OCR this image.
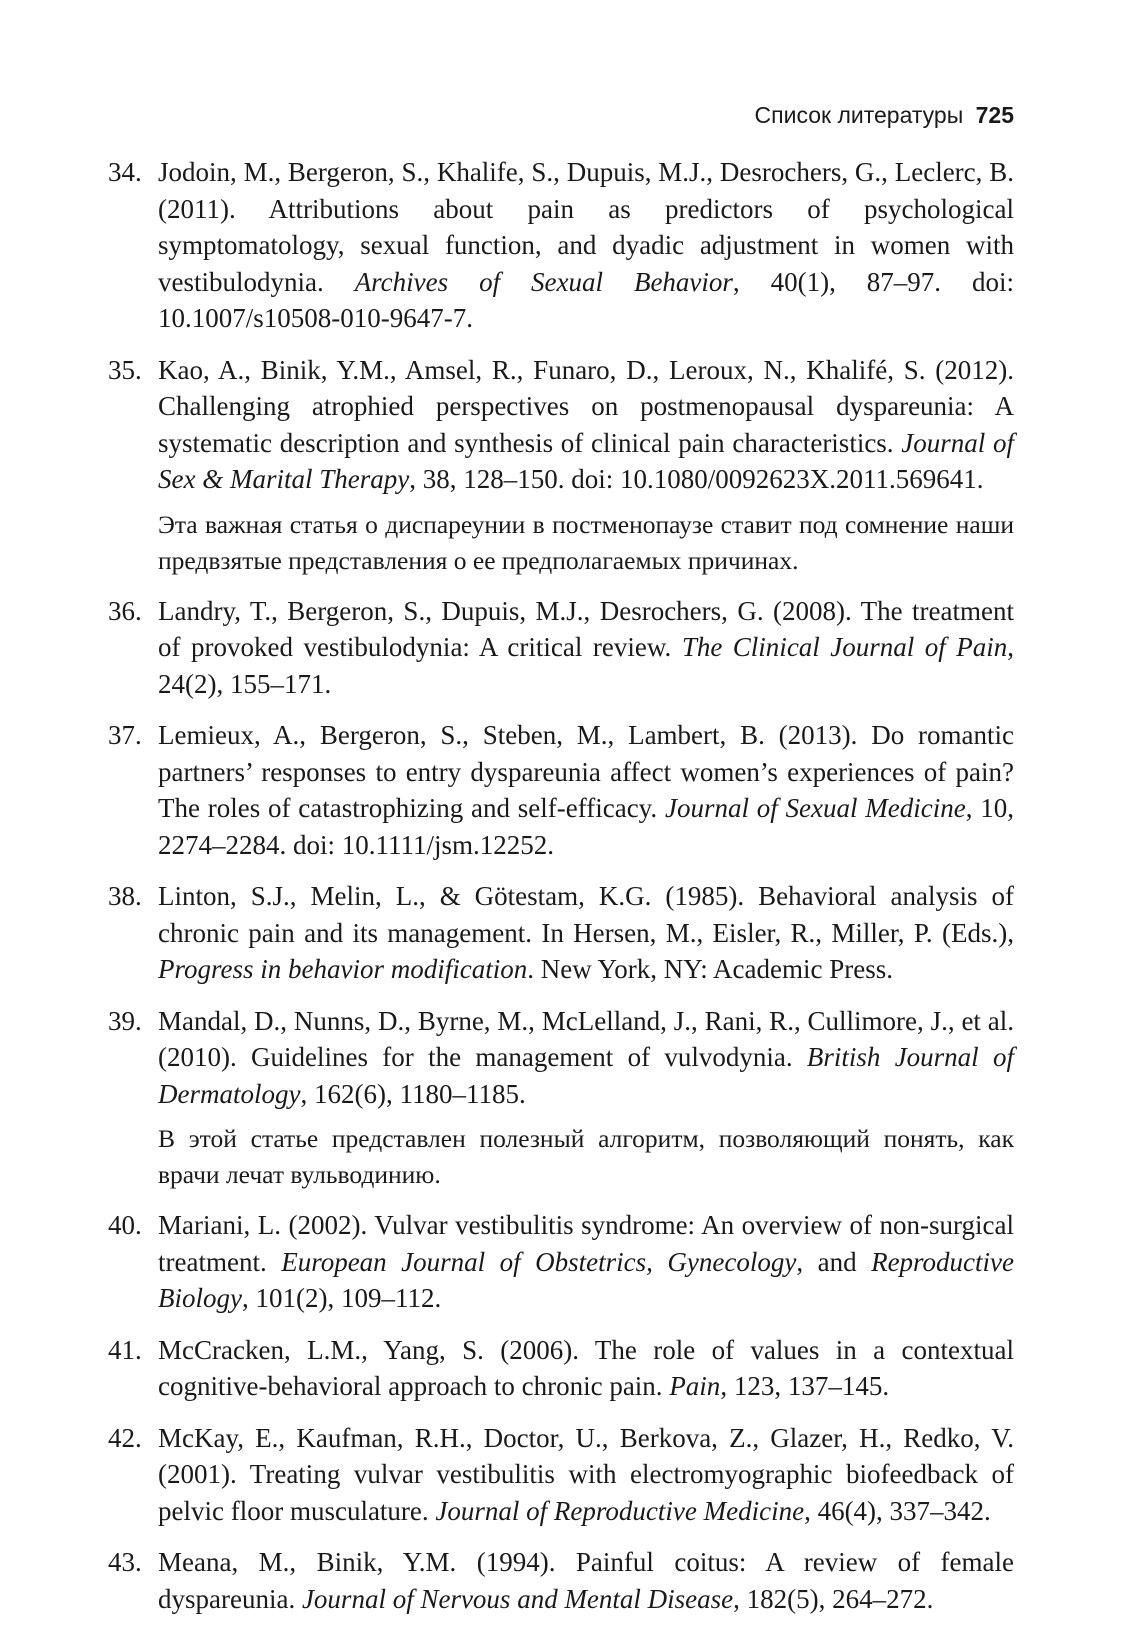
Список литературы 725
34. Jodoin, M., Bergeron, S., Khalife, S., Dupuis, M.J., Desrochers, G., Leclerc, B. (2011). Attributions about pain as predictors of psychological symptomatology, sexual function, and dyadic adjustment in women with vestibulodynia. Archives of Sexual Behavior, 40(1), 87–97. doi: 10.1007/s10508-010-9647-7.
35. Kao, A., Binik, Y.M., Amsel, R., Funaro, D., Leroux, N., Khalifé, S. (2012). Challenging atrophied perspectives on postmenopausal dyspareunia: A systematic description and synthesis of clinical pain characteristics. Journal of Sex & Marital Therapy, 38, 128–150. doi: 10.1080/0092623X.2011.569641.
Эта важная статья о диспареунии в постменопаузе ставит под сомнение наши предвзятые представления о ее предполагаемых причинах.
36. Landry, T., Bergeron, S., Dupuis, M.J., Desrochers, G. (2008). The treatment of provoked vestibulodynia: A critical review. The Clinical Journal of Pain, 24(2), 155–171.
37. Lemieux, A., Bergeron, S., Steben, M., Lambert, B. (2013). Do romantic partners’ responses to entry dyspareunia affect women’s experiences of pain? The roles of catastrophizing and self-efficacy. Journal of Sexual Medicine, 10, 2274–2284. doi: 10.1111/jsm.12252.
38. Linton, S.J., Melin, L., & Götestam, K.G. (1985). Behavioral analysis of chronic pain and its management. In Hersen, M., Eisler, R., Miller, P. (Eds.), Progress in behavior modification. New York, NY: Academic Press.
39. Mandal, D., Nunns, D., Byrne, M., McLelland, J., Rani, R., Cullimore, J., et al. (2010). Guidelines for the management of vulvodynia. British Journal of Dermatology, 162(6), 1180–1185.
В этой статье представлен полезный алгоритм, позволяющий понять, как врачи лечат вульводинию.
40. Mariani, L. (2002). Vulvar vestibulitis syndrome: An overview of non-surgical treatment. European Journal of Obstetrics, Gynecology, and Reproductive Biology, 101(2), 109–112.
41. McCracken, L.M., Yang, S. (2006). The role of values in a contextual cognitive-behavioral approach to chronic pain. Pain, 123, 137–145.
42. McKay, E., Kaufman, R.H., Doctor, U., Berkova, Z., Glazer, H., Redko, V. (2001). Treating vulvar vestibulitis with electromyographic biofeedback of pelvic floor musculature. Journal of Reproductive Medicine, 46(4), 337–342.
43. Meana, M., Binik, Y.M. (1994). Painful coitus: A review of female dyspareunia. Journal of Nervous and Mental Disease, 182(5), 264–272.
